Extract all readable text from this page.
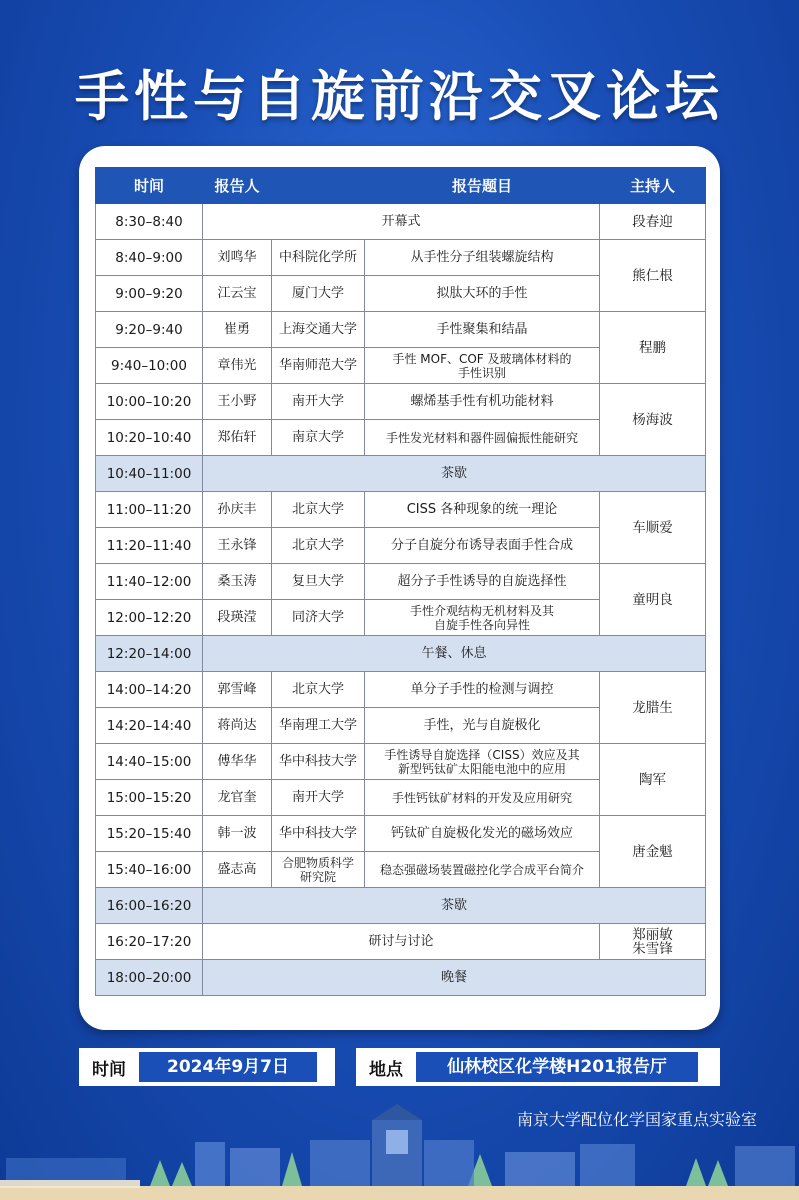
手性与自旋前沿交叉论坛
时间	报告人		报告题目	主持人
8:30–8:40	开幕式			段春迎
8:40–9:00	刘鸣华	中科院化学所	从手性分子组装螺旋结构	熊仁根
9:00–9:20	江云宝	厦门大学	拟肽大环的手性	
9:20–9:40	崔勇	上海交通大学	手性聚集和结晶	程鹏
9:40–10:00	章伟光	华南师范大学	手性 MOF、COF 及玻璃体材料的
手性识别	

10:00–10:20	王小野	南开大学	螺烯基手性有机功能材料	杨海波
10:20–10:40	郑佑轩	南京大学	手性发光材料和器件圆偏振性能研究	
10:40–11:00	茶歇			
11:00–11:20	孙庆丰	北京大学	CISS 各种现象的统一理论	车顺爱
11:20–11:40	王永锋	北京大学	分子自旋分布诱导表面手性合成	
11:40–12:00	桑玉涛	复旦大学	超分子手性诱导的自旋选择性	童明良
12:00–12:20	段瑛滢	同济大学	手性介观结构无机材料及其
自旋手性各向异性	

12:20–14:00	午餐、休息			
14:00–14:20	郭雪峰	北京大学	单分子手性的检测与调控	龙腊生
14:20–14:40	蒋尚达	华南理工大学	手性，光与自旋极化	
14:40–15:00	傅华华	华中科技大学	手性诱导自旋选择（CISS）效应及其
新型钙钛矿太阳能电池中的应用	陶军
15:00–15:20	龙官奎	南开大学	手性钙钛矿材料的开发及应用研究	
15:20–15:40	韩一波	华中科技大学	钙钛矿自旋极化发光的磁场效应	唐金魁
15:40–16:00	盛志高	合肥物质科学
研究院	稳态强磁场装置磁控化学合成平台简介	
16:00–16:20	茶歇			
16:20–17:20	研讨与讨论			郑丽敏
朱雪锋

18:00–20:00	晚餐			
时间	2024年9月7日	地点	仙林校区化学楼H201报告厅
南京大学配位化学国家重点实验室
